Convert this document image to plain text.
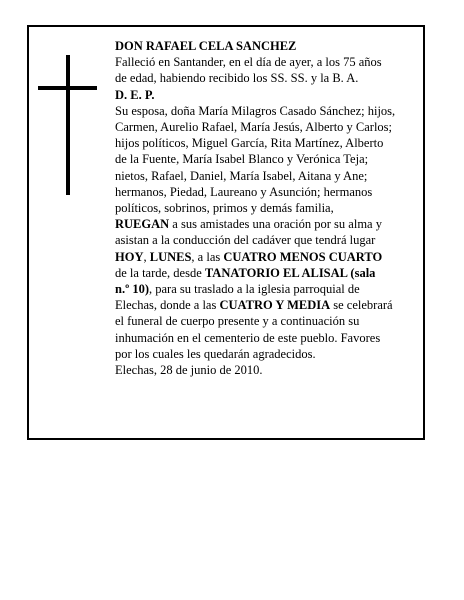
DON RAFAEL CELA SANCHEZ

Falleció en Santander, en el día de ayer, a los 75 años

de edad, habiendo recibido los SS. SS. y la B. A.

D. E. P.

Su esposa, doña María Milagros Casado Sánchez; hijos,

Carmen, Aurelio Rafael, María Jesús, Alberto y Carlos;

hijos políticos, Miguel García, Rita Martínez, Alberto

de la Fuente, María Isabel Blanco y Verónica Teja;

nietos, Rafael, Daniel, María Isabel, Aitana y Ane;

hermanos, Piedad, Laureano y Asunción; hermanos

políticos, sobrinos, primos y demás familia,

RUEGAN a sus amistades una oración por su alma y

asistan a la conducción del cadáver que tendrá lugar

HOY, LUNES, a las CUATRO MENOS CUARTO

de la tarde, desde TANATORIO EL ALISAL (sala

n.º 10), para su traslado a la iglesia parroquial de

Elechas, donde a las CUATRO Y MEDIA se celebrará

el funeral de cuerpo presente y a continuación su

inhumación en el cementerio de este pueblo. Favores

por los cuales les quedarán agradecidos.

Elechas, 28 de junio de 2010.
